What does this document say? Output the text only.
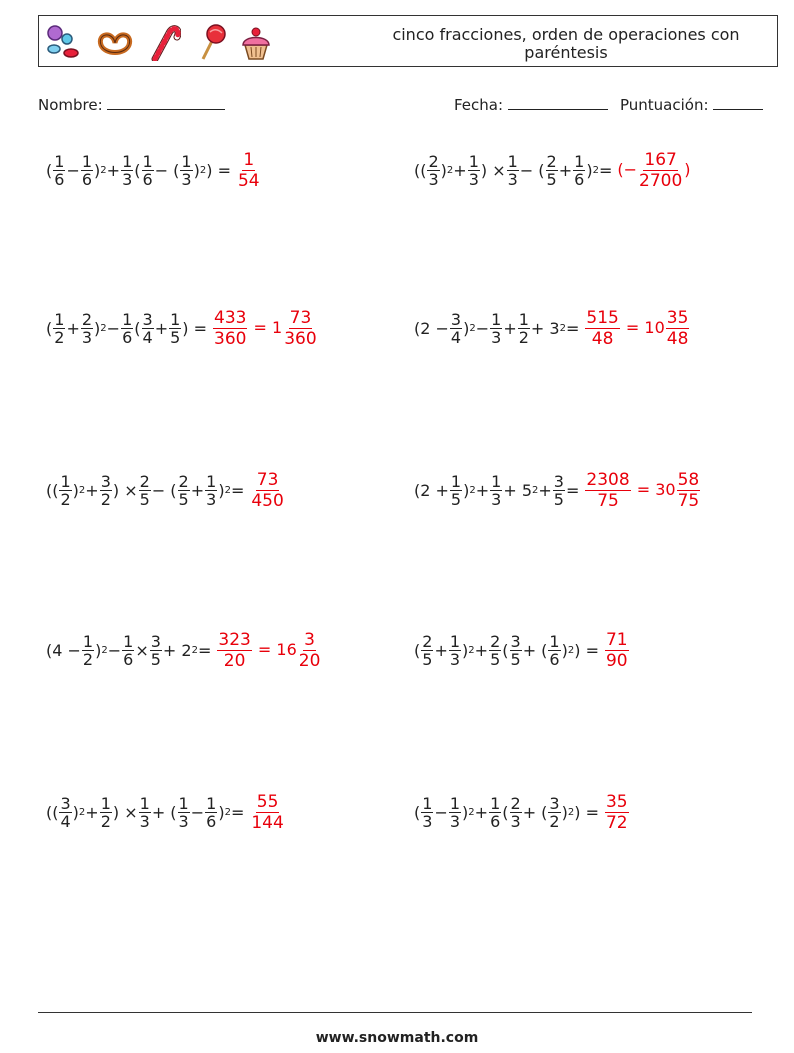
cinco fracciones, orden de operaciones con paréntesis
Nombre:	Fecha:	Puntuación:
( $\frac{1}{6} - \frac{1}{6}$ ) $2 + \frac{1}{3}$ ( $\frac{1}{6}$ − ( $\frac{1}{3}$ ) 2 ) = $\frac{1}{54}$	(( $\frac{2}{3}$ ) $2 + \frac{1}{3}$ ) × $\frac{1}{3}$ − ( $\frac{2}{5} + \frac{1}{6}$ ) 2 = (− $\frac{167}{2700}$ )
( $\frac{1}{2} + \frac{2}{3}$ ) $2 - \frac{1}{6}$ ( $\frac{3}{4} + \frac{1}{5}$ ) = $\frac{433}{360} = 1 \frac{73}{360}$	($2 - \frac{3}{4}$ ) $2 - \frac{1}{3} + \frac{1}{2} + 3$ $2 = \frac{515}{48} = 10 \frac{35}{48}$
(( $\frac{1}{2}$ ) $2 + \frac{3}{2}$ ) × $\frac{2}{5}$ − ( $\frac{2}{5} + \frac{1}{3}$ ) $2 = \frac{73}{450}$	($2 + \frac{1}{5}$ ) $2 + \frac{1}{3} + 5$ $2 + \frac{3}{5} = \frac{2308}{75} = 30 \frac{58}{75}$
($4 - \frac{1}{2}$ ) $2 - \frac{1}{6} \times \frac{3}{5} + 2$ $2 = \frac{323}{20} = 16 \frac{3}{20}$	( $\frac{2}{5} + \frac{1}{3}$ ) $2 + \frac{2}{5}$ ( $\frac{3}{5}$ + ( $\frac{1}{6}$ ) 2 ) = $\frac{71}{90}$
(( $\frac{3}{4}$ ) $2 + \frac{1}{2}$ ) × $\frac{1}{3}$ + ( $\frac{1}{3} - \frac{1}{6}$ ) $2 = \frac{55}{144}$	( $\frac{1}{3} - \frac{1}{3}$ ) $2 + \frac{1}{6}$ ( $\frac{2}{3}$ + ( $\frac{3}{2}$ ) 2 ) = $\frac{35}{72}$
www.snowmath.com
